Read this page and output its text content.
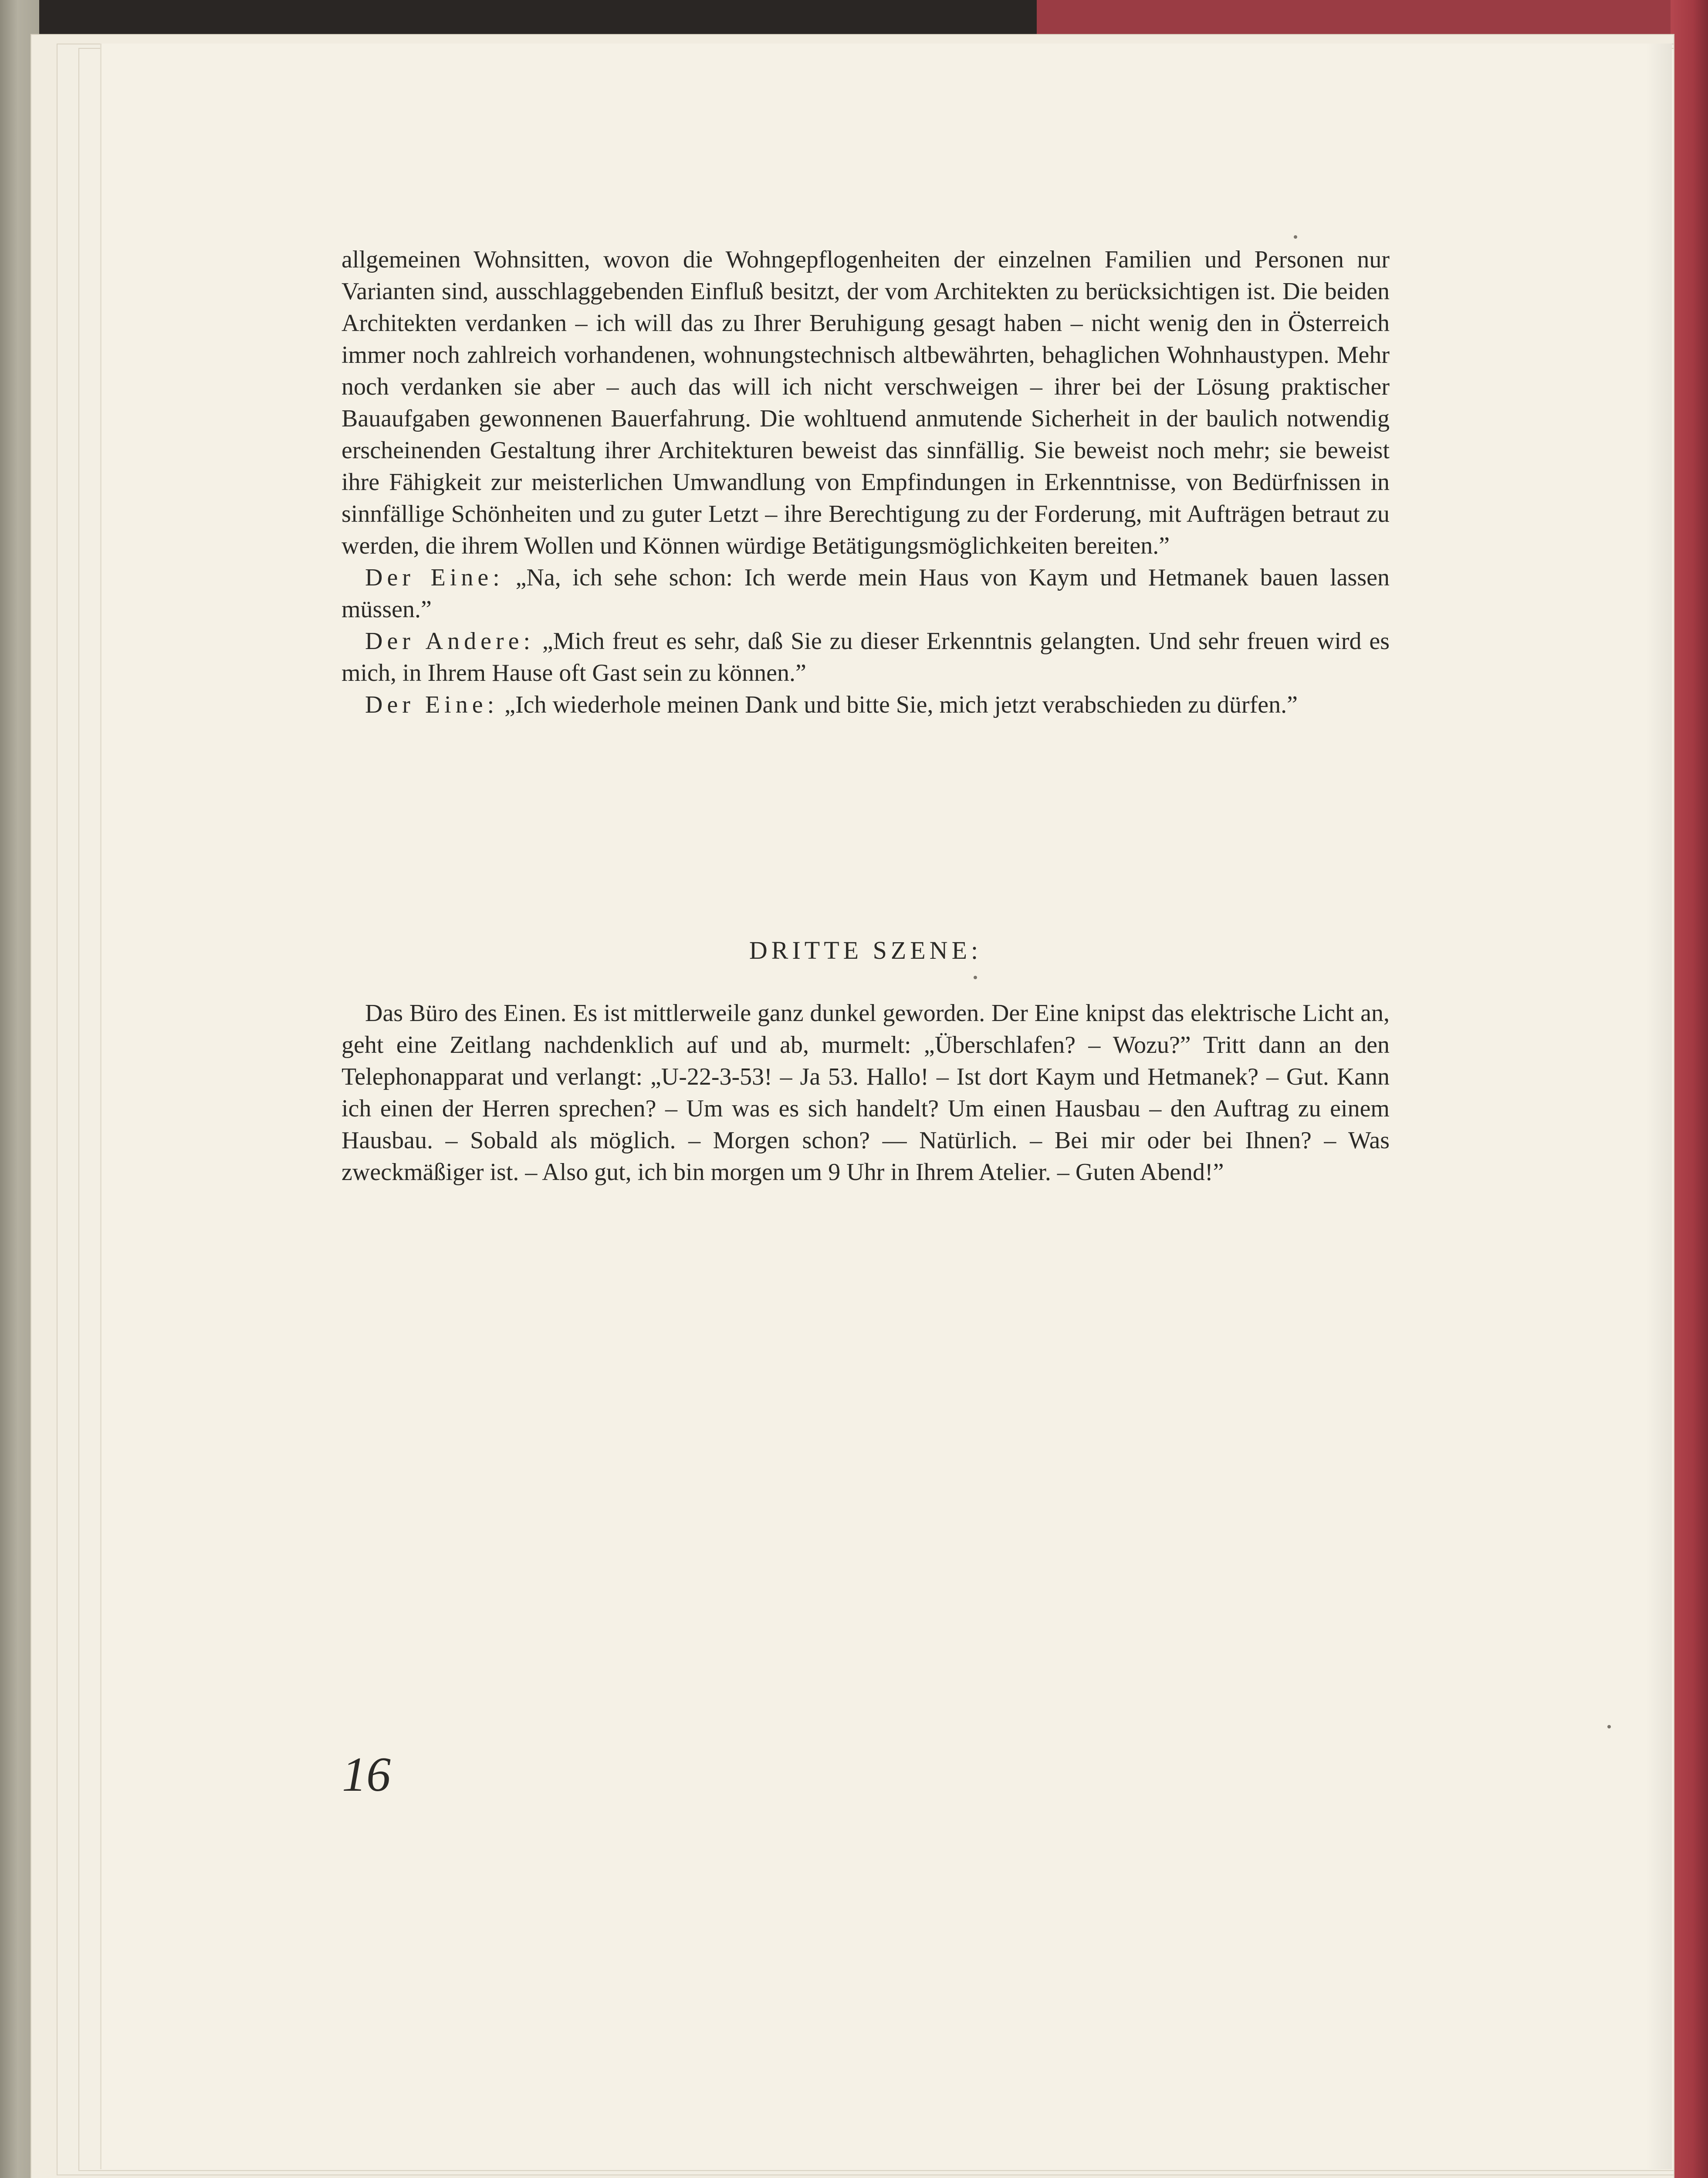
allgemeinen Wohnsitten, wovon die Wohngepflogenheiten der einzelnen Familien und Personen nur Varianten sind, ausschlaggebenden Einfluß besitzt, der vom Architekten zu berücksichtigen ist. Die beiden Architekten verdanken – ich will das zu Ihrer Beruhigung gesagt haben – nicht wenig den in Österreich immer noch zahlreich vorhandenen, wohnungstechnisch altbewährten, behaglichen Wohnhaustypen. Mehr noch verdanken sie aber – auch das will ich nicht verschweigen – ihrer bei der Lösung praktischer Bauaufgaben gewonnenen Bauerfahrung. Die wohltuend anmutende Sicherheit in der baulich notwendig erscheinenden Gestaltung ihrer Architekturen beweist das sinnfällig. Sie beweist noch mehr; sie beweist ihre Fähigkeit zur meisterlichen Umwandlung von Empfindungen in Erkenntnisse, von Bedürfnissen in sinnfällige Schönheiten und zu guter Letzt – ihre Berechtigung zu der Forderung, mit Aufträgen betraut zu werden, die ihrem Wollen und Können würdige Betätigungsmöglichkeiten bereiten.”

Der Eine: „Na, ich sehe schon: Ich werde mein Haus von Kaym und Hetmanek bauen lassen müssen.”

Der Andere: „Mich freut es sehr, daß Sie zu dieser Erkenntnis gelangten. Und sehr freuen wird es mich, in Ihrem Hause oft Gast sein zu können.”

Der Eine: „Ich wiederhole meinen Dank und bitte Sie, mich jetzt verabschieden zu dürfen.”

DRITTE SZENE:

Das Büro des Einen. Es ist mittlerweile ganz dunkel geworden. Der Eine knipst das elektrische Licht an, geht eine Zeitlang nachdenklich auf und ab, murmelt: „Überschlafen? – Wozu?” Tritt dann an den Telephonapparat und verlangt: „U-22-3-53! – Ja 53. Hallo! – Ist dort Kaym und Hetmanek? – Gut. Kann ich einen der Herren sprechen? – Um was es sich handelt? Um einen Hausbau – den Auftrag zu einem Hausbau. – Sobald als möglich. – Morgen schon? — Natürlich. – Bei mir oder bei Ihnen? – Was zweckmäßiger ist. – Also gut, ich bin morgen um 9 Uhr in Ihrem Atelier. – Guten Abend!”

16
